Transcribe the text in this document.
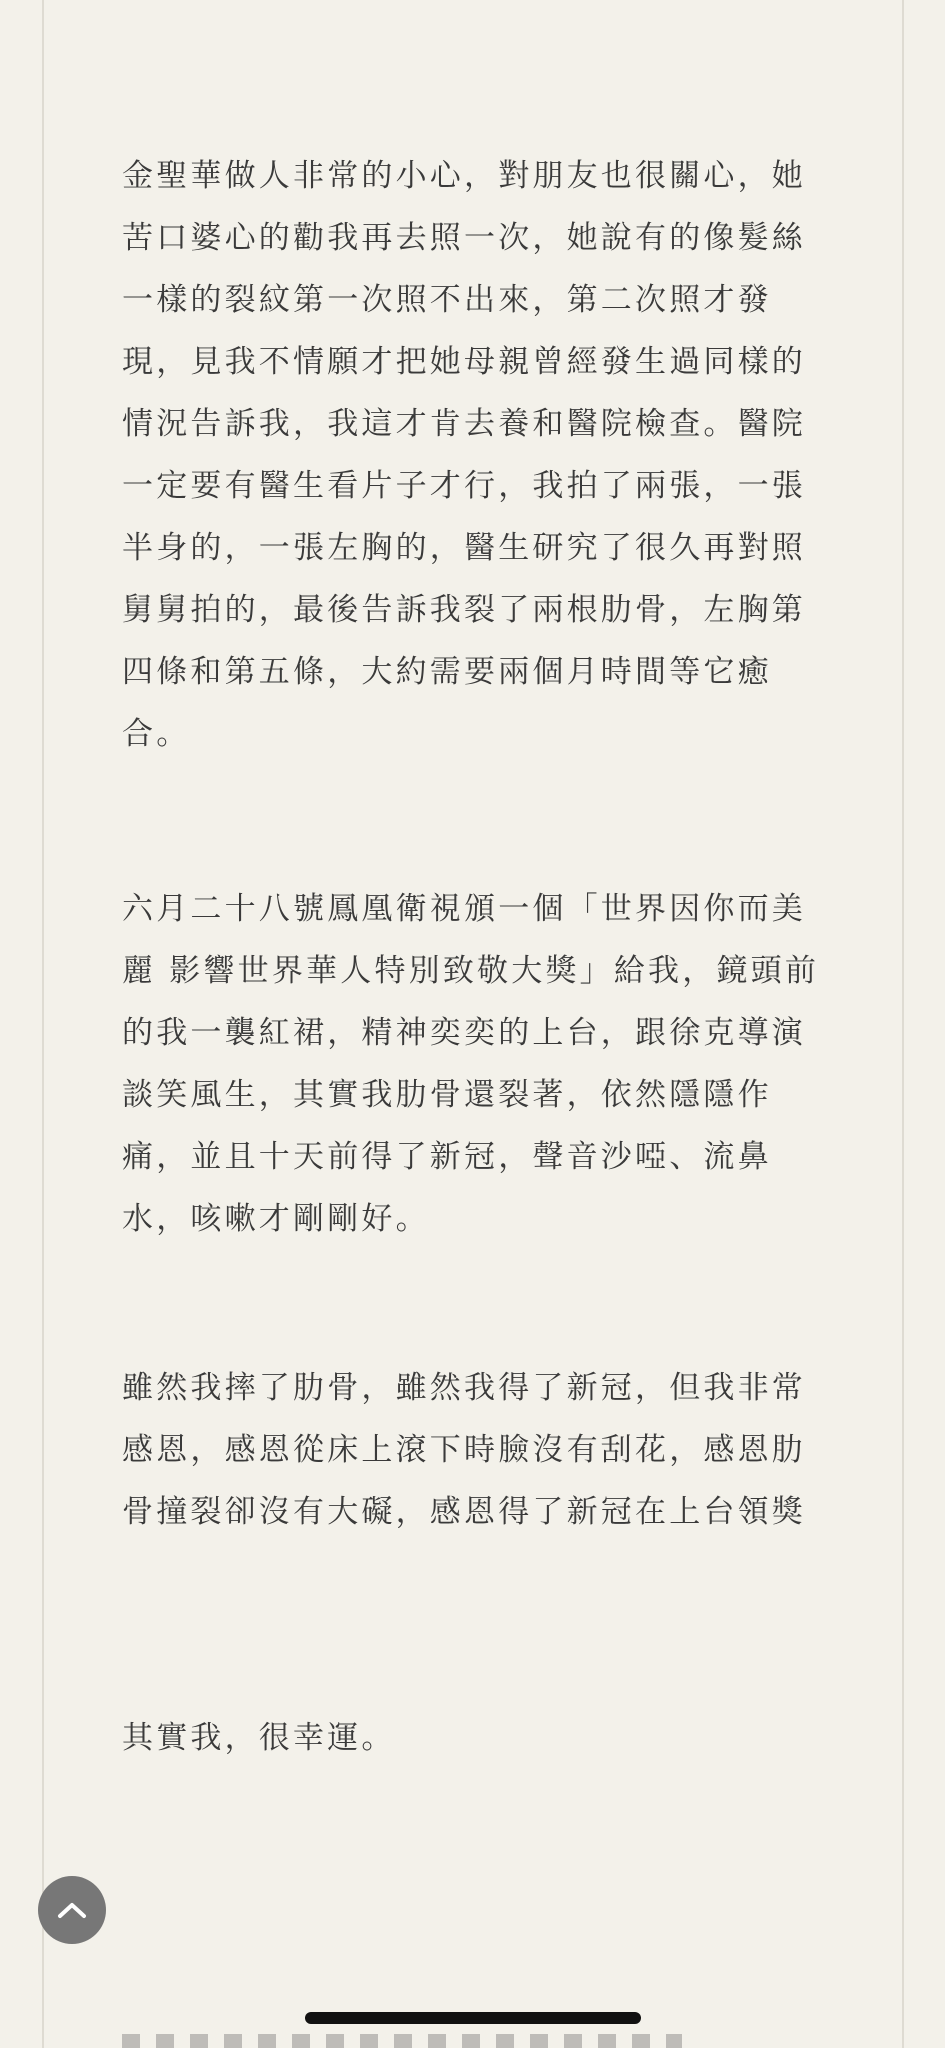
金聖華做人非常的小心，對朋友也很關心，她苦口婆心的勸我再去照一次，她說有的像髮絲一樣的裂紋第一次照不出來，第二次照才發現，見我不情願才把她母親曾經發生過同樣的情況告訴我，我這才肯去養和醫院檢查。醫院一定要有醫生看片子才行，我拍了兩張，一張半身的，一張左胸的，醫生研究了很久再對照舅舅拍的，最後告訴我裂了兩根肋骨，左胸第四條和第五條，大約需要兩個月時間等它癒合。

六月二十八號鳳凰衛視頒一個「世界因你而美麗 影響世界華人特別致敬大獎」給我，鏡頭前的我一襲紅裙，精神奕奕的上台，跟徐克導演談笑風生，其實我肋骨還裂著，依然隱隱作痛，並且十天前得了新冠，聲音沙啞、流鼻水，咳嗽才剛剛好。

雖然我摔了肋骨，雖然我得了新冠，但我非常感恩，感恩從床上滾下時臉沒有刮花，感恩肋骨撞裂卻沒有大礙，感恩得了新冠在上台領獎

其實我，很幸運。
